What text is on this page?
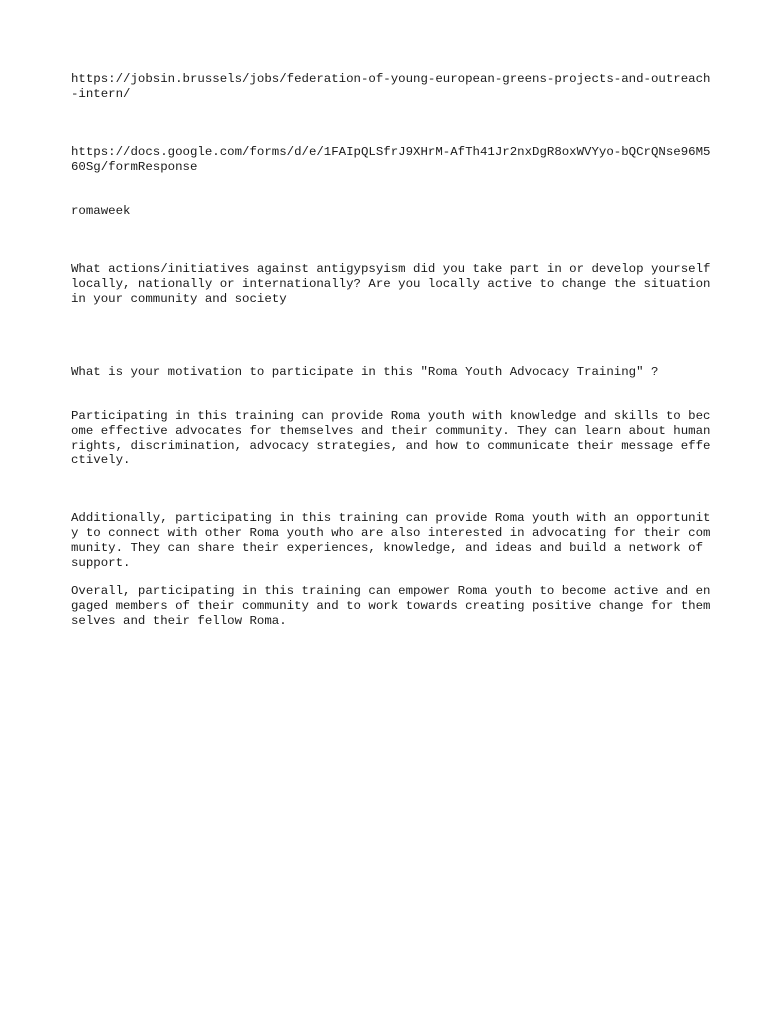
https://jobsin.brussels/jobs/federation-of-young-european-greens-projects-and-outreach-intern/

https://docs.google.com/forms/d/e/1FAIpQLSfrJ9XHrM-AfTh41Jr2nxDgR8oxWVYyo-bQCrQNse96M560Sg/formResponse

romaweek

What actions/initiatives against antigypsyism did you take part in or develop yourself locally, nationally or internationally? Are you locally active to change the situation in your community and society

What is your motivation to participate in this "Roma Youth Advocacy Training" ?

Participating in this training can provide Roma youth with knowledge and skills to become effective advocates for themselves and their community. They can learn about human rights, discrimination, advocacy strategies, and how to communicate their message effectively.

Additionally, participating in this training can provide Roma youth with an opportunity to connect with other Roma youth who are also interested in advocating for their community. They can share their experiences, knowledge, and ideas and build a network of support.

Overall, participating in this training can empower Roma youth to become active and engaged members of their community and to work towards creating positive change for themselves and their fellow Roma.
